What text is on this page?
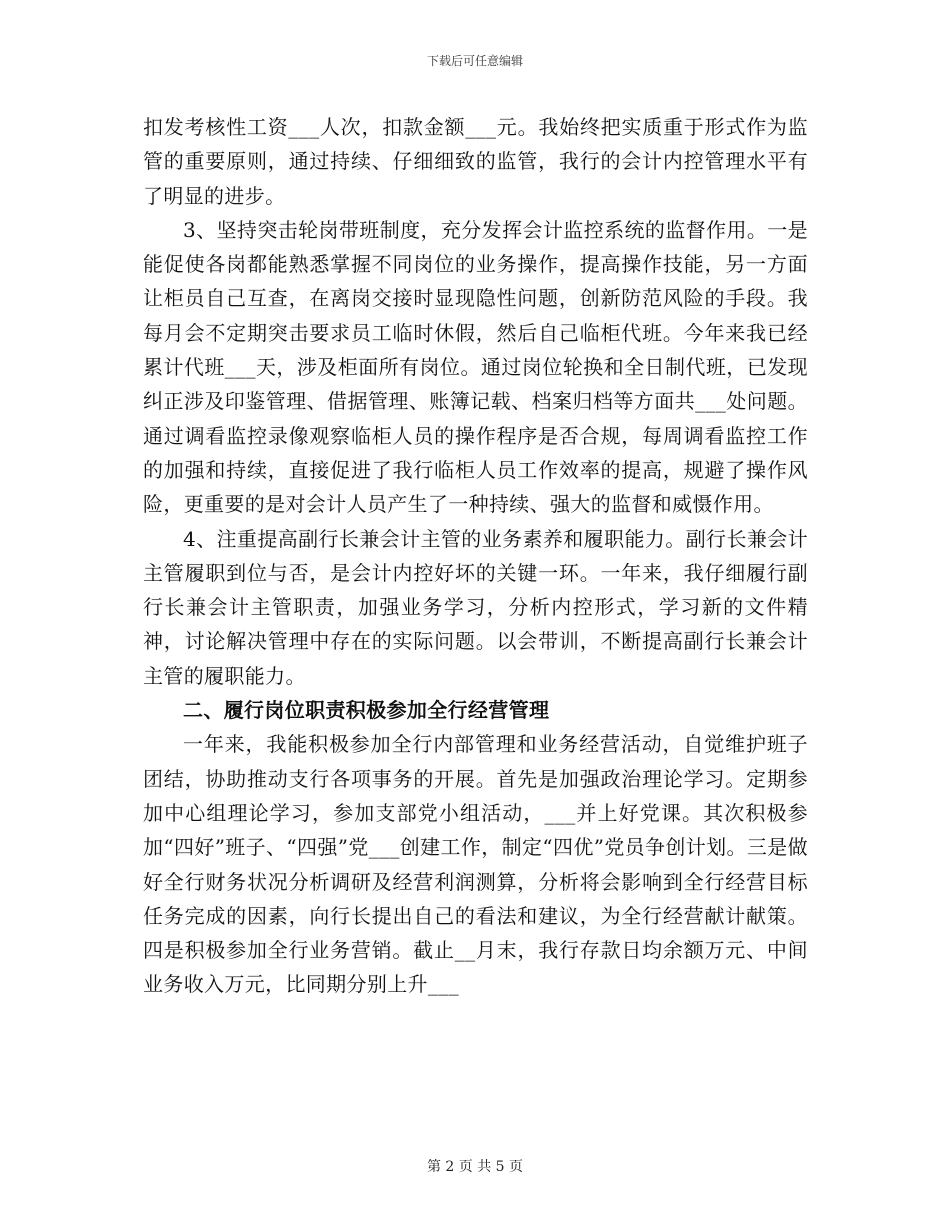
下载后可任意编辑

扣发考核性工资___人次，扣款金额___元。我始终把实质重于形式作为监管的重要原则，通过持续、仔细细致的监管，我行的会计内控管理水平有了明显的进步。

3、坚持突击轮岗带班制度，充分发挥会计监控系统的监督作用。一是能促使各岗都能熟悉掌握不同岗位的业务操作，提高操作技能，另一方面让柜员自己互查，在离岗交接时显现隐性问题，创新防范风险的手段。我每月会不定期突击要求员工临时休假，然后自己临柜代班。今年来我已经累计代班___天，涉及柜面所有岗位。通过岗位轮换和全日制代班，已发现纠正涉及印鉴管理、借据管理、账簿记载、档案归档等方面共___处问题。通过调看监控录像观察临柜人员的操作程序是否合规，每周调看监控工作的加强和持续，直接促进了我行临柜人员工作效率的提高，规避了操作风险，更重要的是对会计人员产生了一种持续、强大的监督和威慑作用。

4、注重提高副行长兼会计主管的业务素养和履职能力。副行长兼会计主管履职到位与否，是会计内控好坏的关键一环。一年来，我仔细履行副行长兼会计主管职责，加强业务学习，分析内控形式，学习新的文件精神，讨论解决管理中存在的实际问题。以会带训，不断提高副行长兼会计主管的履职能力。

二、履行岗位职责积极参加全行经营管理

一年来，我能积极参加全行内部管理和业务经营活动，自觉维护班子团结，协助推动支行各项事务的开展。首先是加强政治理论学习。定期参加中心组理论学习，参加支部党小组活动，___并上好党课。其次积极参加“四好”班子、“四强”党___创建工作，制定“四优”党员争创计划。三是做好全行财务状况分析调研及经营利润测算，分析将会影响到全行经营目标任务完成的因素，向行长提出自己的看法和建议，为全行经营献计献策。四是积极参加全行业务营销。截止__月末，我行存款日均余额万元、中间业务收入万元，比同期分别上升___

第 2 页 共 5 页
